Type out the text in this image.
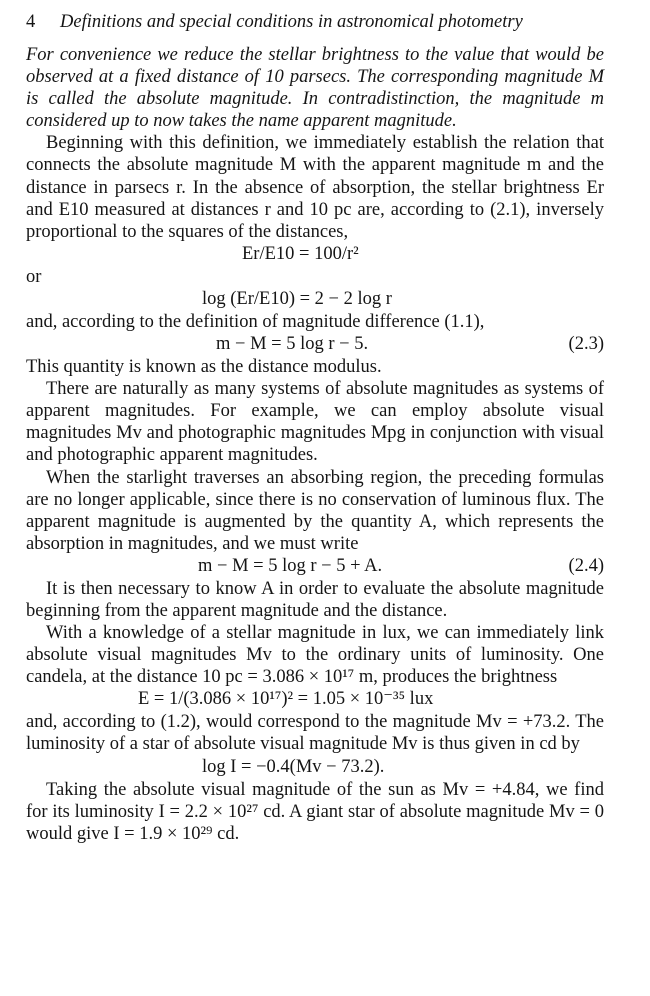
4	Definitions and special conditions in astronomical photometry

For convenience we reduce the stellar brightness to the value that would be observed at a fixed distance of 10 parsecs. The corresponding magnitude M is called the absolute magnitude. In contradistinction, the magnitude m considered up to now takes the name apparent magnitude.

Beginning with this definition, we immediately establish the relation that connects the absolute magnitude M with the apparent magnitude m and the distance in parsecs r. In the absence of absorption, the stellar brightness Er and E10 measured at distances r and 10 pc are, according to (2.1), inversely proportional to the squares of the distances,

Er/E10 = 100/r²
or
log (Er/E10) = 2 − 2 log r

and, according to the definition of magnitude difference (1.1),

m − M = 5 log r − 5.	(2.3)

This quantity is known as the distance modulus.

There are naturally as many systems of absolute magnitudes as systems of apparent magnitudes. For example, we can employ absolute visual magnitudes Mv and photographic magnitudes Mpg in conjunction with visual and photographic apparent magnitudes.

When the starlight traverses an absorbing region, the preceding formulas are no longer applicable, since there is no conservation of luminous flux. The apparent magnitude is augmented by the quantity A, which represents the absorption in magnitudes, and we must write

m − M = 5 log r − 5 + A.	(2.4)

It is then necessary to know A in order to evaluate the absolute magnitude beginning from the apparent magnitude and the distance.

With a knowledge of a stellar magnitude in lux, we can immediately link absolute visual magnitudes Mv to the ordinary units of luminosity. One candela, at the distance 10 pc = 3.086 × 10¹⁷ m, produces the brightness

E = 1/(3.086 × 10¹⁷)² = 1.05 × 10⁻³⁵ lux

and, according to (1.2), would correspond to the magnitude Mv = +73.2. The luminosity of a star of absolute visual magnitude Mv is thus given in cd by

log I = −0.4(Mv − 73.2).

Taking the absolute visual magnitude of the sun as Mv = +4.84, we find for its luminosity I = 2.2 × 10²⁷ cd. A giant star of absolute magnitude Mv = 0 would give I = 1.9 × 10²⁹ cd.
